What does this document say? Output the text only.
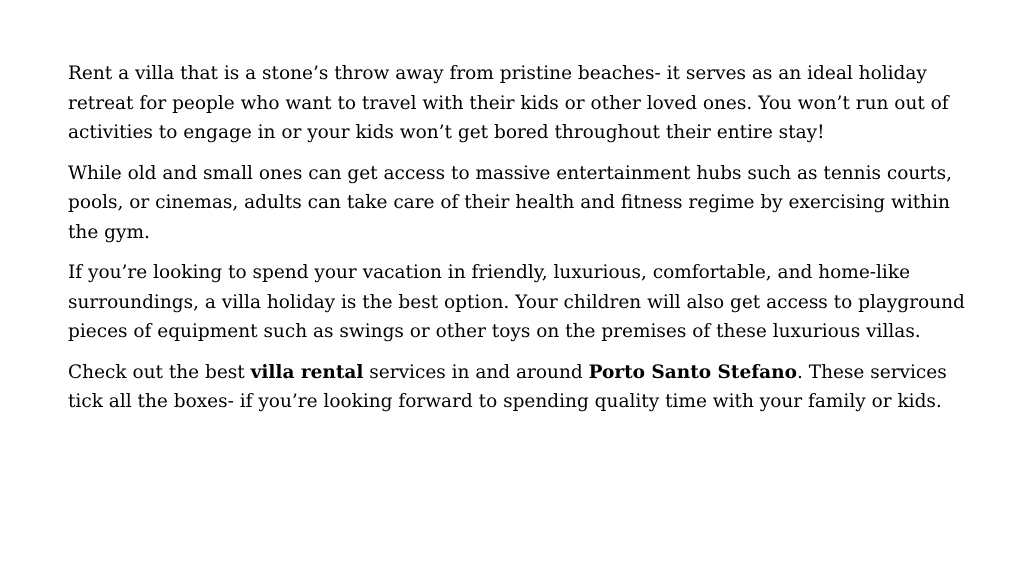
Rent a villa that is a stone’s throw away from pristine beaches- it serves as an ideal holiday retreat for people who want to travel with their kids or other loved ones. You won’t run out of activities to engage in or your kids won’t get bored throughout their entire stay!

While old and small ones can get access to massive entertainment hubs such as tennis courts, pools, or cinemas, adults can take care of their health and fitness regime by exercising within the gym.

If you’re looking to spend your vacation in friendly, luxurious, comfortable, and home-like surroundings, a villa holiday is the best option. Your children will also get access to playground pieces of equipment such as swings or other toys on the premises of these luxurious villas.

Check out the best villa rental services in and around Porto Santo Stefano. These services tick all the boxes- if you’re looking forward to spending quality time with your family or kids.
